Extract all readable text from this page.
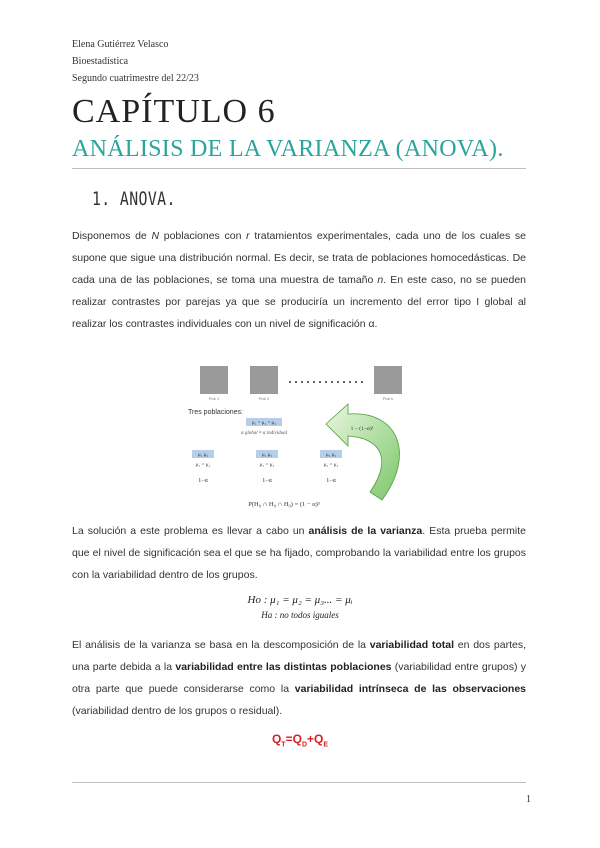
Elena Gutiérrez Velasco
Bioestadística
Segundo cuatrimestre del 22/23
CAPÍTULO 6
ANÁLISIS DE LA VARIANZA (ANOVA).
1. ANOVA.
Disponemos de N poblaciones con r tratamientos experimentales, cada uno de los cuales se supone que sigue una distribución normal. Es decir, se trata de poblaciones homocedásticas. De cada una de las poblaciones, se toma una muestra de tamaño n. En este caso, no se pueden realizar contrastes por parejas ya que se produciría un incremento del error tipo I global al realizar los contrastes individuales con un nivel de significación α.
Pob 1	Pob 2	Pob k
Tres poblaciones:
μ₁ = μ₂ = μ₃
α global ≠ α individual
μ₁ μ₂	μ₁ μ₃	μ₂ μ₃
μ₁ = μ₂	μ₁ = μ₃	μ₂ = μ₃
1−α	1−α	1−α
1 − (1−α)³
P(H₀ ∩ H₀ ∩ H₀) = (1 − α)³
La solución a este problema es llevar a cabo un análisis de la varianza. Esta prueba permite que el nivel de significación sea el que se ha fijado, comprobando la variabilidad entre los grupos con la variabilidad dentro de los grupos.
Ho : μ₁ = μ₂ = μ₃... = μᵢ
Ha : no todos iguales
El análisis de la varianza se basa en la descomposición de la variabilidad total en dos partes, una parte debida a la variabilidad entre las distintas poblaciones (variabilidad entre grupos) y otra parte que puede considerarse como la variabilidad intrínseca de las observaciones (variabilidad dentro de los grupos o residual).
$Q_T=Q_D+Q_E$
1
